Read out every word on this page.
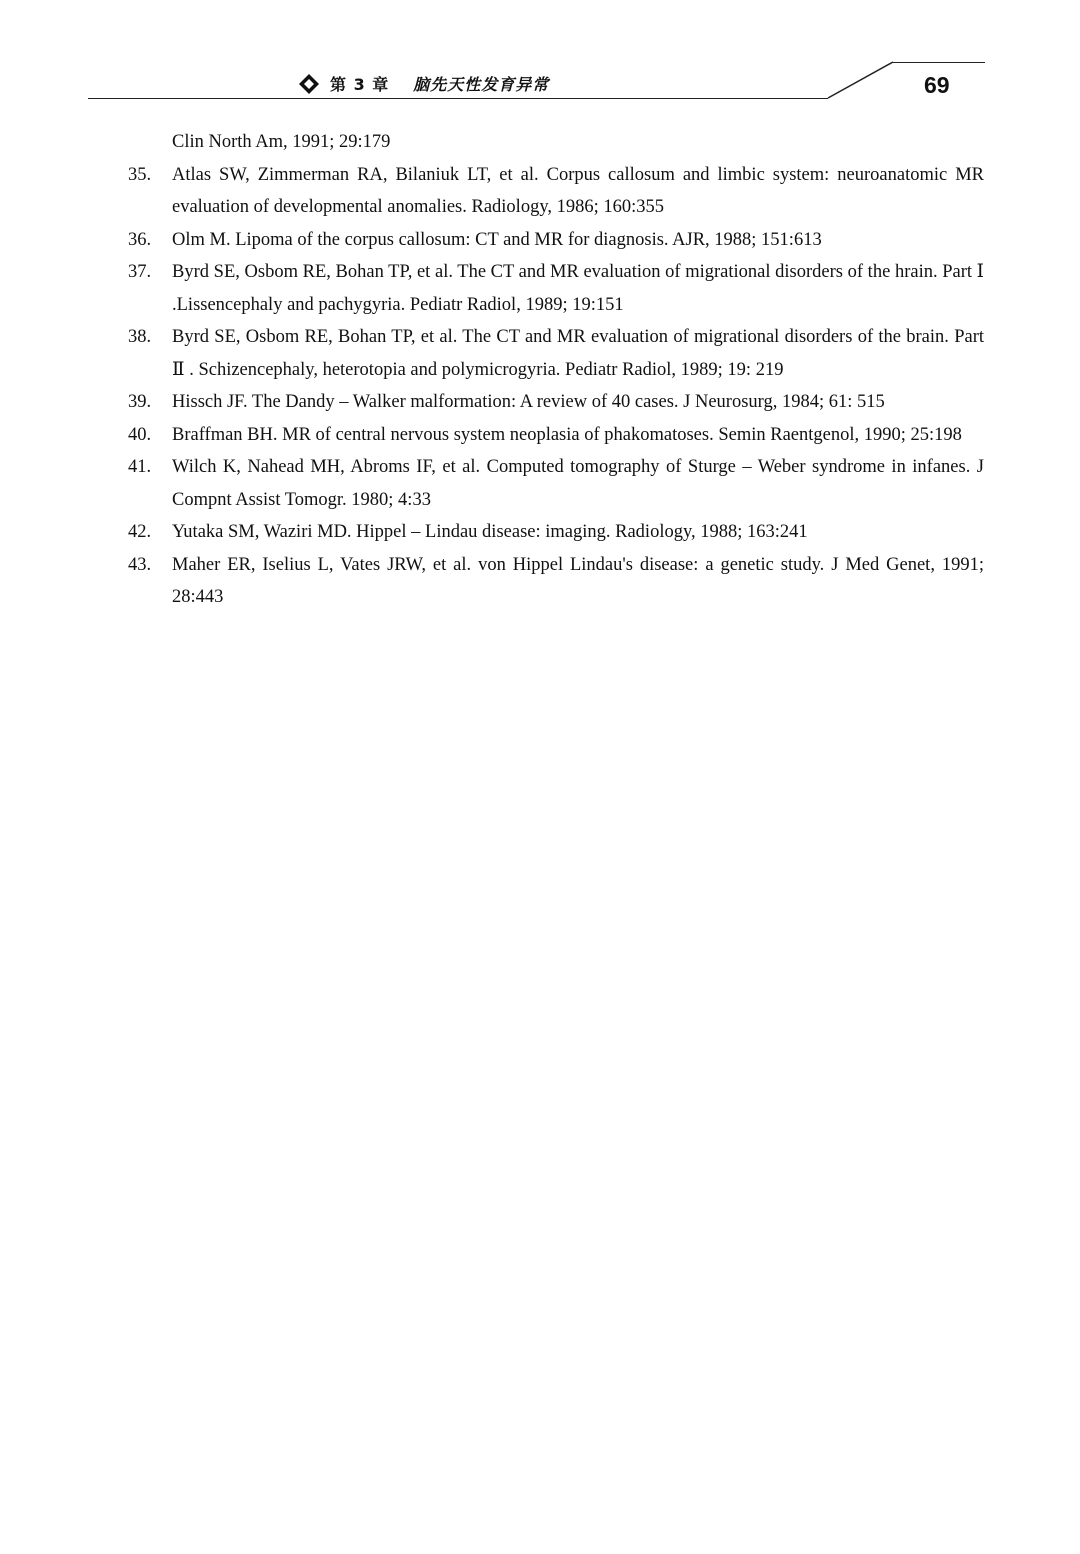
第 3 章 脑先天性发育异常	69
Clin North Am, 1991; 29:179
35.	Atlas SW, Zimmerman RA, Bilaniuk LT, et al. Corpus callosum and limbic system: neuroanatomic MR evaluation of developmental anomalies. Radiology, 1986; 160:355
36.	Olm M. Lipoma of the corpus callosum: CT and MR for diagnosis. AJR, 1988; 151:613
37.	Byrd SE, Osbom RE, Bohan TP, et al. The CT and MR evaluation of migrational disorders of the hrain. Part Ⅰ .Lissencephaly and pachygyria. Pediatr Radiol, 1989; 19:151
38.	Byrd SE, Osbom RE, Bohan TP, et al. The CT and MR evaluation of migrational disorders of the brain. Part Ⅱ . Schizencephaly, heterotopia and polymicrogyria. Pediatr Radiol, 1989; 19: 219
39.	Hissch JF. The Dandy – Walker malformation: A review of 40 cases. J Neurosurg, 1984; 61: 515
40.	Braffman BH. MR of central nervous system neoplasia of phakomatoses. Semin Raentgenol, 1990; 25:198
41.	Wilch K, Nahead MH, Abroms IF, et al. Computed tomography of Sturge – Weber syndrome in infanes. J Compnt Assist Tomogr. 1980; 4:33
42.	Yutaka SM, Waziri MD. Hippel – Lindau disease: imaging. Radiology, 1988; 163:241
43.	Maher ER, Iselius L, Vates JRW, et al. von Hippel Lindau's disease: a genetic study. J Med Genet, 1991; 28:443
